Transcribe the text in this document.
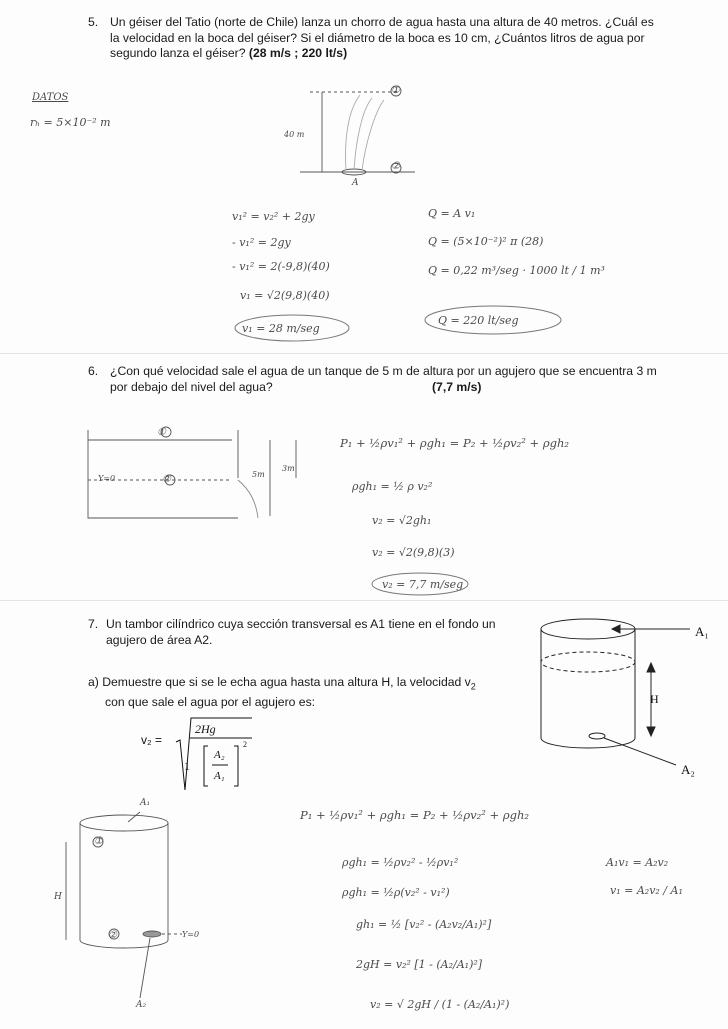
5. Un géiser del Tatio (norte de Chile) lanza un chorro de agua hasta una altura de 40 metros. ¿Cuál es
la velocidad en la boca del géiser? Si el diámetro de la boca es 10 cm, ¿Cuántos litros de agua por
segundo lanza el géiser? (28 m/s ; 220 lt/s)
DATOS
rₕ = 5×10⁻² m
40 m
A
①
②
v₁² = v₂² + 2gy
- v₁² = 2gy
- v₁² = 2(-9,8)(40)
v₁ = √2(9,8)(40)
v₁ = 28 m/seg
Q = A v₁
Q = (5×10⁻²)² π (28)
Q = 0,22 m³/seg · 1000 lt / 1 m³
Q = 220 lt/seg
6. ¿Con qué velocidad sale el agua de un tanque de 5 m de altura por un agujero que se encuentra 3 m
por debajo del nivel del agua?	(7,7 m/s)
Y=0	5m
3m
①
②
P₁ + ½ρv₁² + ρgh₁ = P₂ + ½ρv₂² + ρgh₂
ρgh₁ = ½ ρ v₂²
v₂ = √2gh₁
v₂ = √2(9,8)(3)
v₂ = 7,7 m/seg
7. Un tambor cilíndrico cuya sección transversal es A1 tiene en el fondo un
agujero de área A2.
a) Demuestre que si se le echa agua hasta una altura H, la velocidad $v_2$
con que sale el agua por el agujero es:
v₂ =
2Hg
1
A₂
A₁
2
A₁
H
A₂
A₁
A₂
H
Y=0
①
②
P₁ + ½ρv₁² + ρgh₁ = P₂ + ½ρv₂² + ρgh₂
ρgh₁ = ½ρv₂² - ½ρv₁²
ρgh₁ = ½ρ(v₂² - v₁²)
gh₁ = ½ [v₂² - (A₂v₂/A₁)²]
2gH = v₂² [1 - (A₂/A₁)²]
v₂ = √ 2gH / (1 - (A₂/A₁)²)
A₁v₁ = A₂v₂
v₁ = A₂v₂ / A₁
